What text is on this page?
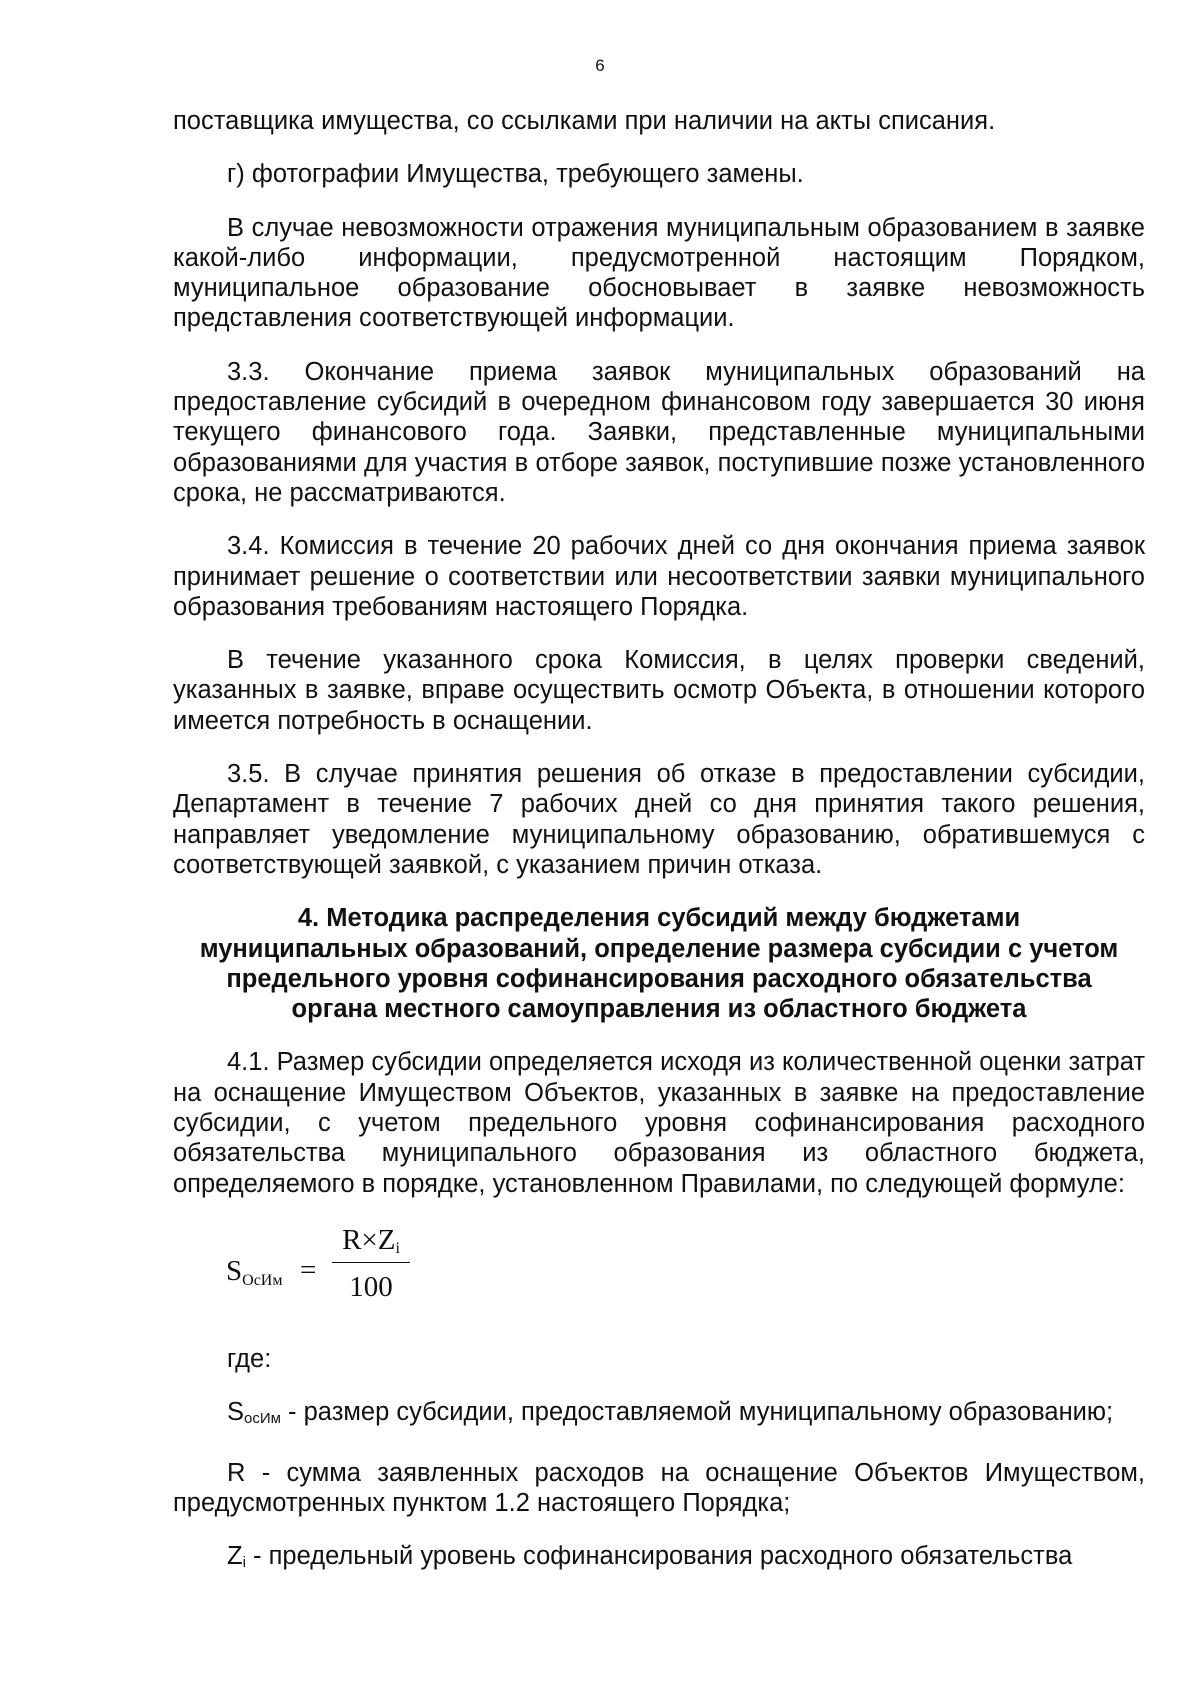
6

поставщика имущества, со ссылками при наличии на акты списания.

г) фотографии Имущества, требующего замены.

В случае невозможности отражения муниципальным образованием в заявке какой-либо информации, предусмотренной настоящим Порядком, муниципальное образование обосновывает в заявке невозможность представления соответствующей информации.

3.3. Окончание приема заявок муниципальных образований на предоставление субсидий в очередном финансовом году завершается 30 июня текущего финансового года. Заявки, представленные муниципальными образованиями для участия в отборе заявок, поступившие позже установленного срока, не рассматриваются.

3.4. Комиссия в течение 20 рабочих дней со дня окончания приема заявок принимает решение о соответствии или несоответствии заявки муниципального образования требованиям настоящего Порядка.

В течение указанного срока Комиссия, в целях проверки сведений, указанных в заявке, вправе осуществить осмотр Объекта, в отношении которого имеется потребность в оснащении.

3.5. В случае принятия решения об отказе в предоставлении субсидии, Департамент в течение 7 рабочих дней со дня принятия такого решения, направляет уведомление муниципальному образованию, обратившемуся с соответствующей заявкой, с указанием причин отказа.

4. Методика распределения субсидий между бюджетами муниципальных образований, определение размера субсидии с учетом предельного уровня софинансирования расходного обязательства органа местного самоуправления из областного бюджета

4.1. Размер субсидии определяется исходя из количественной оценки затрат на оснащение Имуществом Объектов, указанных в заявке на предоставление субсидии, с учетом предельного уровня софинансирования расходного обязательства муниципального образования из областного бюджета, определяемого в порядке, установленном Правилами, по следующей формуле:

$S_{ОсИм}$ =
$R\times Z_i$
100

где:

SосИм - размер субсидии, предоставляемой муниципальному образованию;

R - сумма заявленных расходов на оснащение Объектов Имуществом, предусмотренных пунктом 1.2 настоящего Порядка;

Zi - предельный уровень софинансирования расходного обязательства
